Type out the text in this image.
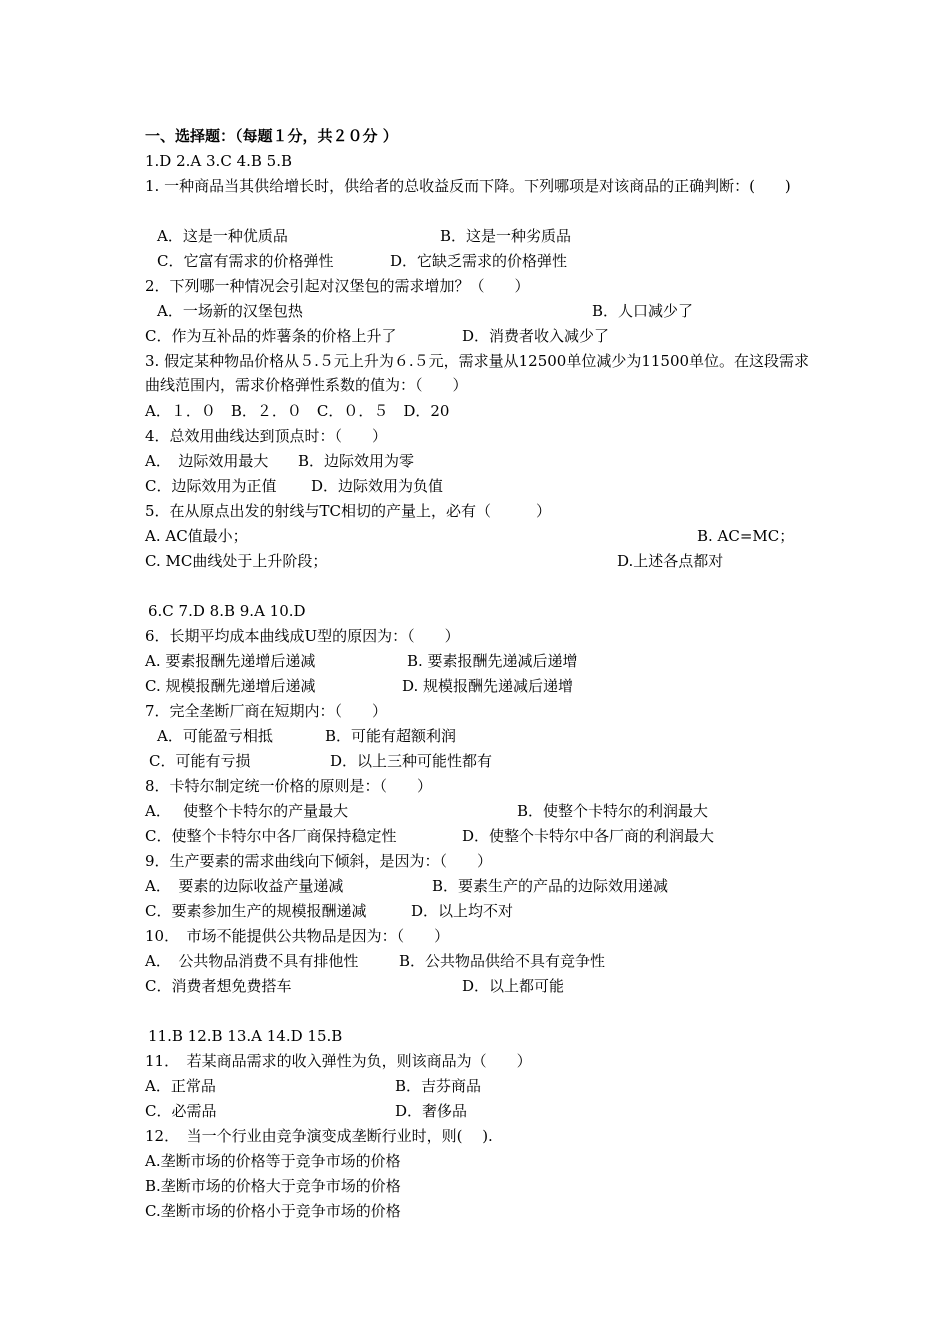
一、选择题：（每题１分，共２０分 ）
1.D 2.A 3.C 4.B 5.B
1. 一种商品当其供给增长时，供给者的总收益反而下降。下列哪项是对该商品的正确判断：(　　)
A．这是一种优质品	B．这是一种劣质品
C．它富有需求的价格弹性	D．它缺乏需求的价格弹性
2．下列哪一种情况会引起对汉堡包的需求增加？（　　）
A．一场新的汉堡包热	B．人口减少了
C．作为互补品的炸薯条的价格上升了	D．消费者收入减少了
3. 假定某种物品价格从５.５元上升为６.５元，需求量从12500单位减少为11500单位。在这段需求曲线范围内，需求价格弹性系数的值为：（　　）
A．１．０　B．２．０　C．０．５　D．20
4．总效用曲线达到顶点时：（　　）
A．　边际效用最大 B．边际效用为零
C．边际效用为正值 D．边际效用为负值
5．在从原点出发的射线与TC相切的产量上，必有（　　　）
A. AC值最小；	B. AC=MC；
C. MC曲线处于上升阶段；	D.上述各点都对
6.C 7.D 8.B 9.A 10.D
6．长期平均成本曲线成U型的原因为：（　　）
A. 要素报酬先递增后递减	B. 要素报酬先递减后递增
C. 规模报酬先递增后递减	D. 规模报酬先递减后递增
7．完全垄断厂商在短期内：（　　）
A．可能盈亏相抵	B．可能有超额利润
C．可能有亏损	D．以上三种可能性都有
8．卡特尔制定统一价格的原则是：（　　）
A．　 使整个卡特尔的产量最大	B．使整个卡特尔的利润最大
C．使整个卡特尔中各厂商保持稳定性	D．使整个卡特尔中各厂商的利润最大
9．生产要素的需求曲线向下倾斜，是因为：（　　）
A．　要素的边际收益产量递减	B．要素生产的产品的边际效用递减
C．要素参加生产的规模报酬递减	D．以上均不对
10．　市场不能提供公共物品是因为：（　　）
A．　公共物品消费不具有排他性	B．公共物品供给不具有竞争性
C．消费者想免费搭车	D．以上都可能
11.B 12.B 13.A 14.D 15.B
11．　若某商品需求的收入弹性为负，则该商品为（　　）
A．正常品	B．吉芬商品
C．必需品	D．奢侈品
12．　当一个行业由竞争演变成垄断行业时，则(　 ).
A.垄断市场的价格等于竞争市场的价格
B.垄断市场的价格大于竞争市场的价格
C.垄断市场的价格小于竞争市场的价格
